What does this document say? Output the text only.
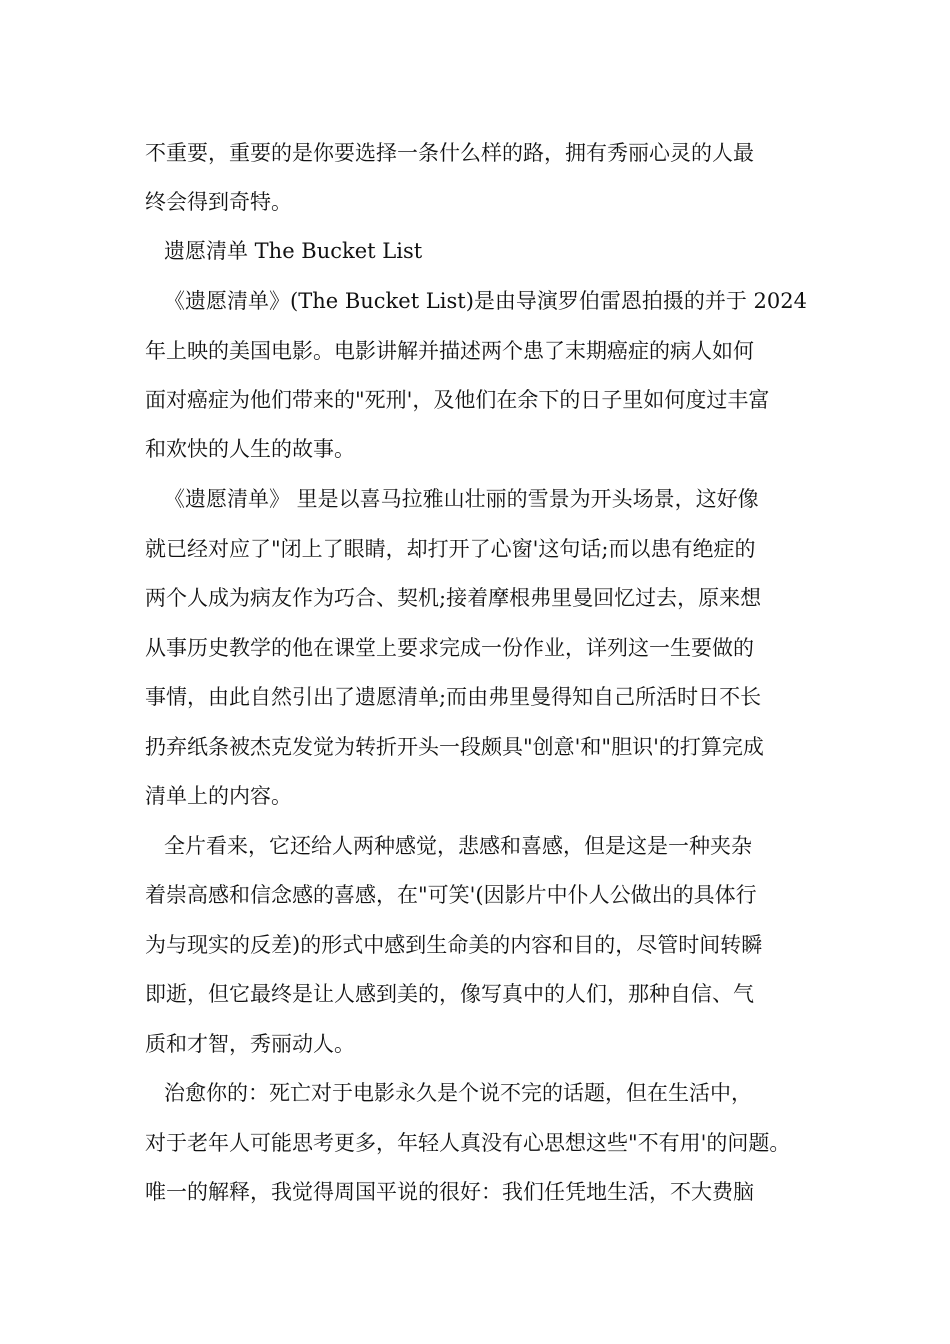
不重要，重要的是你要选择一条什么样的路，拥有秀丽心灵的人最
终会得到奇特。
遗愿清单 The Bucket List
《遗愿清单》(The Bucket List)是由导演罗伯雷恩拍摄的并于 2024
年上映的美国电影。电影讲解并描述两个患了末期癌症的病人如何
面对癌症为他们带来的"死刑'，及他们在余下的日子里如何度过丰富
和欢快的人生的故事。
《遗愿清单》 里是以喜马拉雅山壮丽的雪景为开头场景，这好像
就已经对应了"闭上了眼睛，却打开了心窗'这句话;而以患有绝症的
两个人成为病友作为巧合、契机;接着摩根弗里曼回忆过去，原来想
从事历史教学的他在课堂上要求完成一份作业，详列这一生要做的
事情，由此自然引出了遗愿清单;而由弗里曼得知自己所活时日不长
扔弃纸条被杰克发觉为转折开头一段颇具"创意'和"胆识'的打算完成
清单上的内容。
全片看来，它还给人两种感觉，悲感和喜感，但是这是一种夹杂
着崇高感和信念感的喜感，在"可笑'(因影片中仆人公做出的具体行
为与现实的反差)的形式中感到生命美的内容和目的，尽管时间转瞬
即逝，但它最终是让人感到美的，像写真中的人们，那种自信、气
质和才智，秀丽动人。
治愈你的：死亡对于电影永久是个说不完的话题，但在生活中，
对于老年人可能思考更多，年轻人真没有心思想这些"不有用'的问题。
唯一的解释，我觉得周国平说的很好：我们任凭地生活，不大费脑
